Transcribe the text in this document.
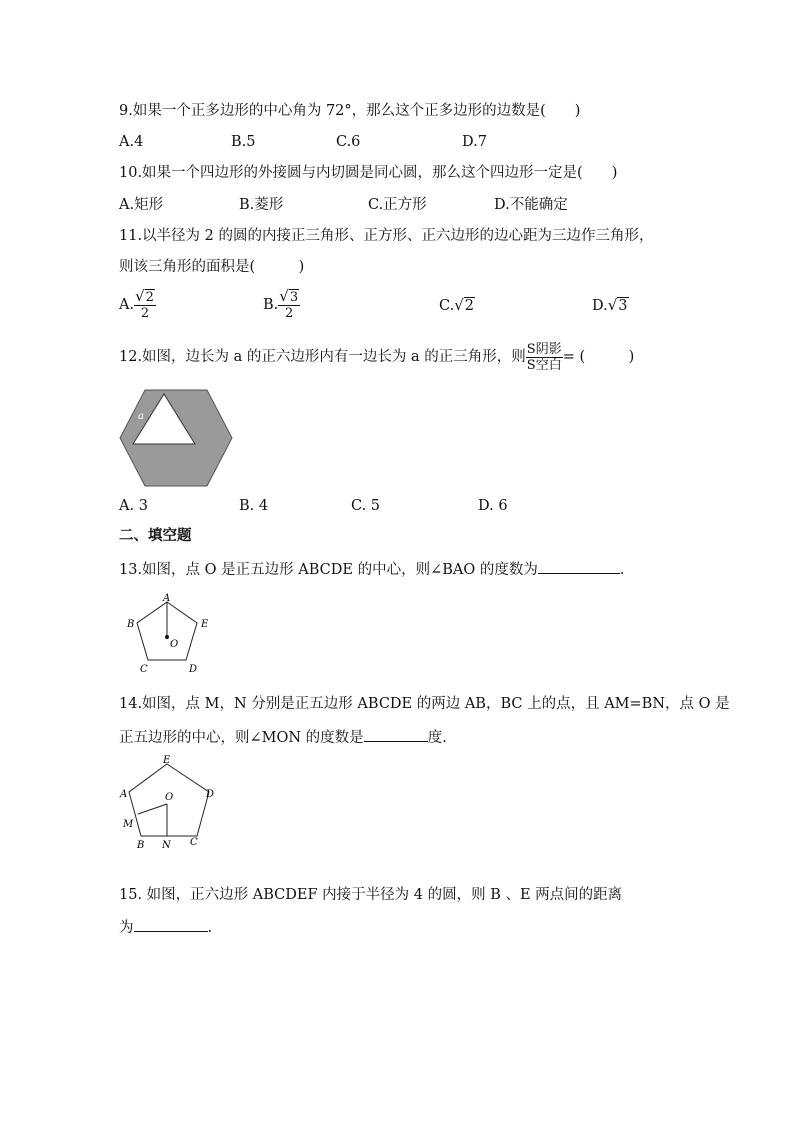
9.如果一个正多边形的中心角为 72°，那么这个正多边形的边数是(　　)
A.4	B.5	C.6	D.7
10.如果一个四边形的外接圆与内切圆是同心圆，那么这个四边形一定是(　　)
A.矩形	B.菱形	C.正方形	D.不能确定
11.以半径为 2 的圆的内接正三角形、正方形、正六边形的边心距为三边作三角形，
则该三角形的面积是(　　　)
A. $\frac{√2}{2}$	B. $\frac{√3}{2}$	C.√2	D.√3
12.如图，边长为 a 的正六边形内有一边长为 a 的正三角形，则 $\frac{\text{S阴影}}{\text{S空白}}$ = (　　　)
a
a
A. 3	B. 4	C. 5	D. 6
二、填空题
13.如图，点 O 是正五边形 ABCDE 的中心，则∠BAO 的度数为	.
A
B
C	D
E
O
14.如图，点 M，N 分别是正五边形 ABCDE 的两边 AB，BC 上的点，且 AM=BN，点 O 是
正五边形的中心，则∠MON 的度数是	度.
E
A	D
O
M
B N C
15. 如图，正六边形 ABCDEF 内接于半径为 4 的圆，则 B 、E 两点间的距离
为	.
